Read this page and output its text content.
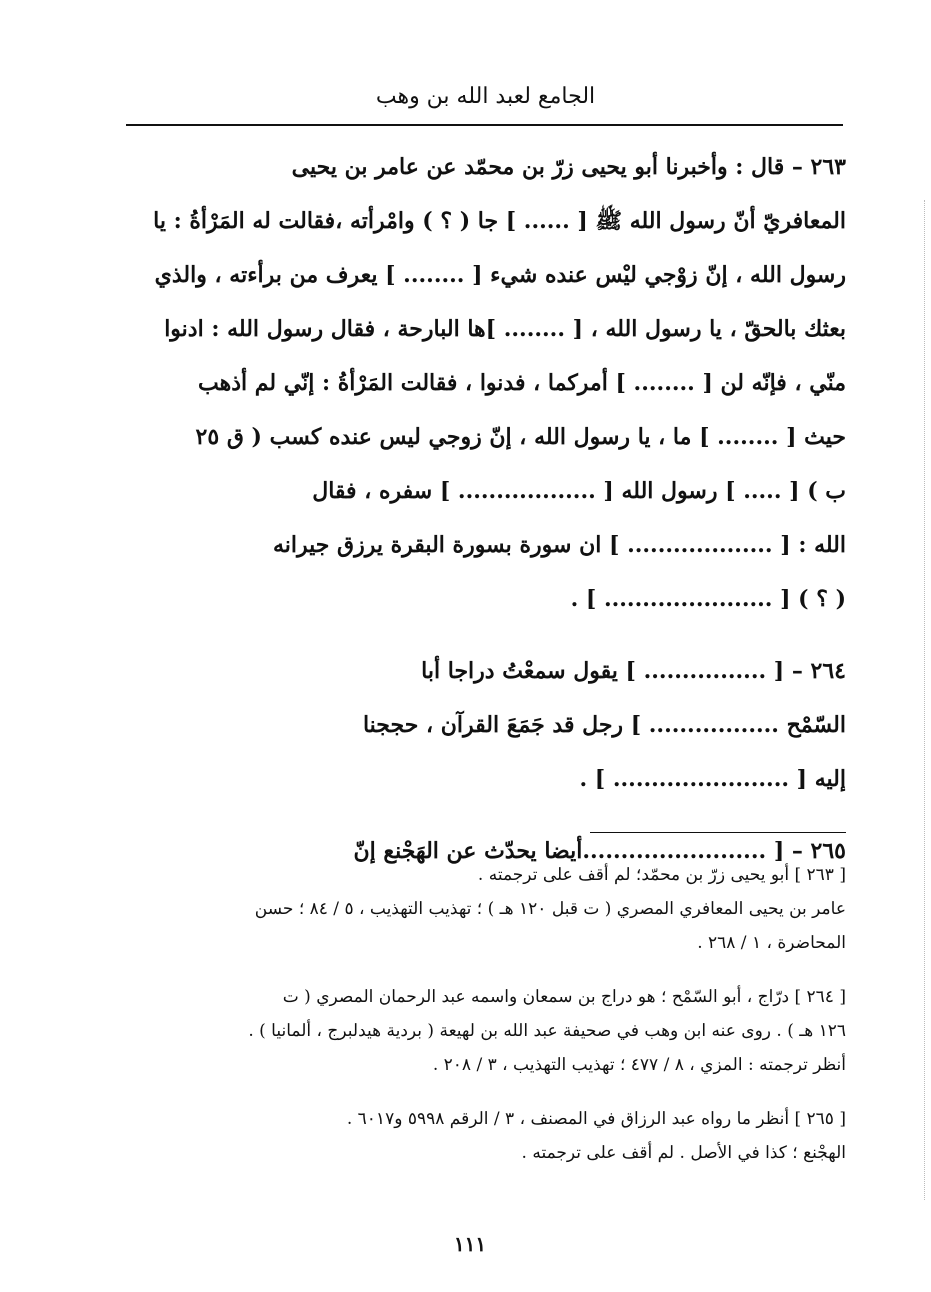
الجامع لعبد الله بن وهب
٢٦٣ – قال : وأخبرنا أبو يحيى زرّ بن محمّد عن عامر بن يحيى
المعافريّ أنّ رسول الله ﷺ [ ...... ] جا ( ؟ ) وامْرأته ،فقالت له المَرْأةُ : يا
رسول الله ، إنّ زوْجي ليْس عنده شيء [ ........ ] يعرف من برأءته ، والذي
بعثك بالحقّ ، يا رسول الله ، [ ........ ]ها البارحة ، فقال رسول الله : ادنوا
منّي ، فإنّه لن [ ........ ] أمركما ، فدنوا ، فقالت المَرْأةُ : إنّي لم أذهب
حيث [ ........ ] ما ، يا رسول الله ، إنّ زوجي ليس عنده كسب ( ق ٢٥
ب ) [ ..... ] رسول الله [ .................. ] سفره ، فقال
الله : [ ................... ] ان سورة بسورة البقرة يرزق جيرانه
( ؟ ) [ ...................... ] .
٢٦٤ – [ ................ ] يقول سمعْتُ دراجا أبا
السّمْح ................. ] رجل قد جَمَعَ القرآن ، حججنا
إليه [ ....................... ] .
٢٦٥ – [ ........................أيضا يحدّث عن الهَجْنع إنّ
[ ٢٦٣ ] أبو يحيى زرّ بن محمّد؛ لم أقف على ترجمته .
عامر بن يحيى المعافري المصري ( ت قبل ١٢٠ هـ ) ؛ تهذيب التهذيب ، ٥ / ٨٤ ؛ حسن
المحاضرة ، ١ / ٢٦٨ .
[ ٢٦٤ ] درّاج ، أبو السّمْح ؛ هو دراج بن سمعان واسمه عبد الرحمان المصري ( ت
١٢٦ هـ ) . روى عنه ابن وهب في صحيفة عبد الله بن لهيعة ( بردية هيدلبرج ، ألمانيا ) .
أنظر ترجمته : المزي ، ٨ / ٤٧٧ ؛ تهذيب التهذيب ، ٣ / ٢٠٨ .
[ ٢٦٥ ] أنظر ما رواه عبد الرزاق في المصنف ، ٣ / الرقم ٥٩٩٨ و٦٠١٧ .
الهجْنع ؛ كذا في الأصل . لم أقف على ترجمته .
١١١
